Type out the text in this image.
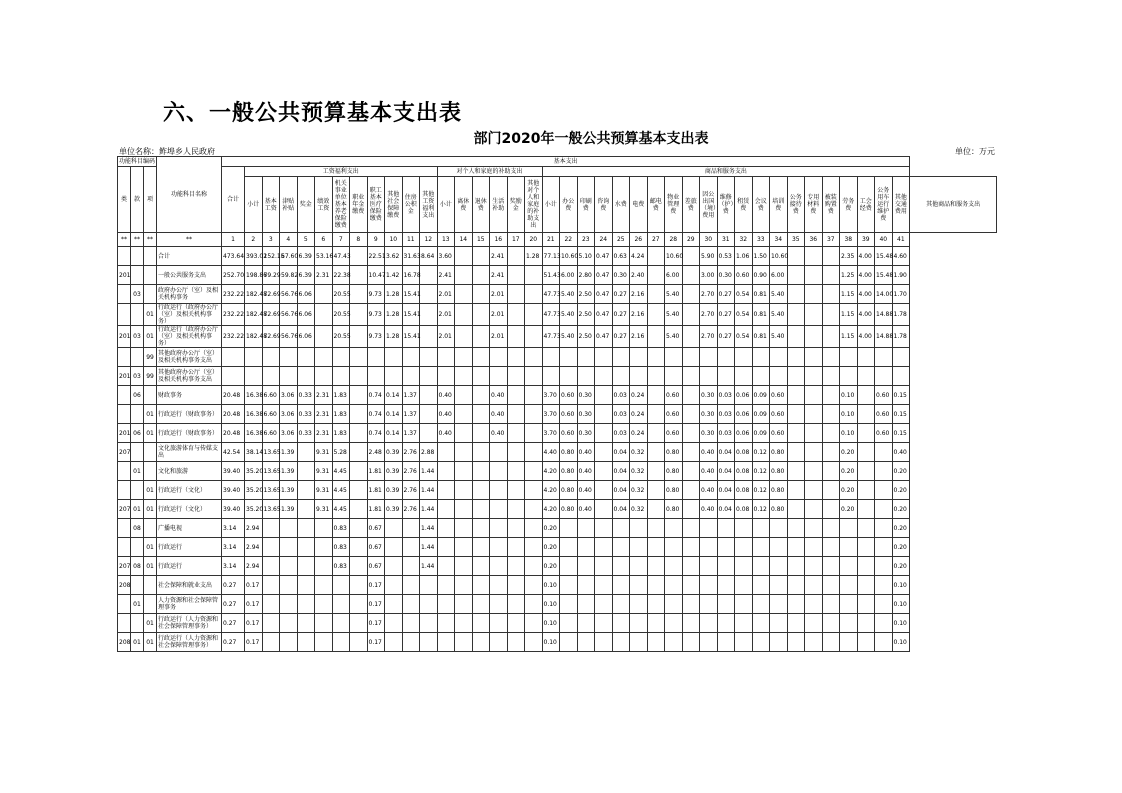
六、一般公共预算基本支出表
部门2020年一般公共预算基本支出表
单位名称：鲊埠乡人民政府	单位：万元
功能科目编码			功能科目名称	基本支出																																							
类	款	项		合计	工资福利支出											对个人和家庭的补助支出						商品和服务支出																					
					小计	基本工资	津贴补贴	奖金	绩效工资	机关事业单位基本养老保险缴费	职业年金缴费	职工基本医疗保险缴费	其他社会保障缴费	住房公积金	其他工资福利支出	小计	离休费	退休费	生活补助	奖励金	其他对个人和家庭的补助支出	小计	办公费	印刷费	咨询费	水费	电费	邮电费	物业管理费	差旅费	因公出国（境）费用	维修（护）费	租赁费	会议费	培训费	公务接待费	专用材料费	被装购置费	劳务费	工会经费	公务用车运行维护费	其他交通费用	其他商品和服务支出
**	**	**	**	1	2	3	4	5	6	7	8	9	10	11	12	13	14	15	16	17	20	21	22	23	24	25	26	27	28	29	30	31	32	33	34	35	36	37	38	39	40	41	
			合计	473.64	393.02	152.15	67.60	6.39	53.16	47.43		22.51	3.62	31.63	8.64	3.60			2.41		1.28	77.13	10.60	5.10	0.47	0.63	4.24		10.60		5.90	0.53	1.06	1.50	10.60				2.35	4.00	15.48	4.60	
201			一般公共服务支出	252.70	198.86	79.29	59.82	6.39	2.31	22.38		10.47	1.42	16.78		2.41			2.41			51.43	6.00	2.80	0.47	0.30	2.40		6.00		3.00	0.30	0.60	0.90	6.00				1.25	4.00	15.48	1.90	
	03		政府办公厅（室）及相关机构事务	232.22	182.48	72.69	56.76	6.06		20.55		9.73	1.28	15.41		2.01			2.01			47.73	5.40	2.50	0.47	0.27	2.16		5.40		2.70	0.27	0.54	0.81	5.40				1.15	4.00	14.00	1.70	
		01	行政运行（政府办公厅（室）及相关机构事务）	232.22	182.48	72.69	56.76	6.06		20.55		9.73	1.28	15.41		2.01			2.01			47.73	5.40	2.50	0.47	0.27	2.16		5.40		2.70	0.27	0.54	0.81	5.40				1.15	4.00	14.88	1.78	
201	03	01	行政运行（政府办公厅（室）及相关机构事务）	232.22	182.48	72.69	56.76	6.06		20.55		9.73	1.28	15.41		2.01			2.01			47.73	5.40	2.50	0.47	0.27	2.16		5.40		2.70	0.27	0.54	0.81	5.40				1.15	4.00	14.88	1.78	
		99	其他政府办公厅（室）及相关机构事务支出																																								
201	03	99	其他政府办公厅（室）及相关机构事务支出																																								
	06		财政事务	20.48	16.38	6.60	3.06	0.33	2.31	1.83		0.74	0.14	1.37		0.40			0.40			3.70	0.60	0.30		0.03	0.24		0.60		0.30	0.03	0.06	0.09	0.60				0.10		0.60	0.15	
		01	行政运行（财政事务）	20.48	16.38	6.60	3.06	0.33	2.31	1.83		0.74	0.14	1.37		0.40			0.40			3.70	0.60	0.30		0.03	0.24		0.60		0.30	0.03	0.06	0.09	0.60				0.10		0.60	0.15	
201	06	01	行政运行（财政事务）	20.48	16.38	6.60	3.06	0.33	2.31	1.83		0.74	0.14	1.37		0.40			0.40			3.70	0.60	0.30		0.03	0.24		0.60		0.30	0.03	0.06	0.09	0.60				0.10		0.60	0.15	
207			文化旅游体育与传媒支出	42.54	38.14	13.65	1.39		9.31	5.28		2.48	0.39	2.76	2.88							4.40	0.80	0.40		0.04	0.32		0.80		0.40	0.04	0.08	0.12	0.80				0.20			0.40	
	01		文化和旅游	39.40	35.20	13.65	1.39		9.31	4.45		1.81	0.39	2.76	1.44							4.20	0.80	0.40		0.04	0.32		0.80		0.40	0.04	0.08	0.12	0.80				0.20			0.20	
		01	行政运行（文化）	39.40	35.20	13.65	1.39		9.31	4.45		1.81	0.39	2.76	1.44							4.20	0.80	0.40		0.04	0.32		0.80		0.40	0.04	0.08	0.12	0.80				0.20			0.20	
207	01	01	行政运行（文化）	39.40	35.20	13.65	1.39		9.31	4.45		1.81	0.39	2.76	1.44							4.20	0.80	0.40		0.04	0.32		0.80		0.40	0.04	0.08	0.12	0.80				0.20			0.20	
	08		广播电视	3.14	2.94					0.83		0.67			1.44							0.20																				0.20	
		01	行政运行	3.14	2.94					0.83		0.67			1.44							0.20																				0.20	
207	08	01	行政运行	3.14	2.94					0.83		0.67			1.44							0.20																				0.20	
208			社会保障和就业支出	0.27	0.17							0.17										0.10																				0.10	
	01		人力资源和社会保障管理事务	0.27	0.17							0.17										0.10																				0.10	
		01	行政运行（人力资源和社会保障管理事务）	0.27	0.17							0.17										0.10																				0.10	
208	01	01	行政运行（人力资源和社会保障管理事务）	0.27	0.17							0.17										0.10																				0.10	
